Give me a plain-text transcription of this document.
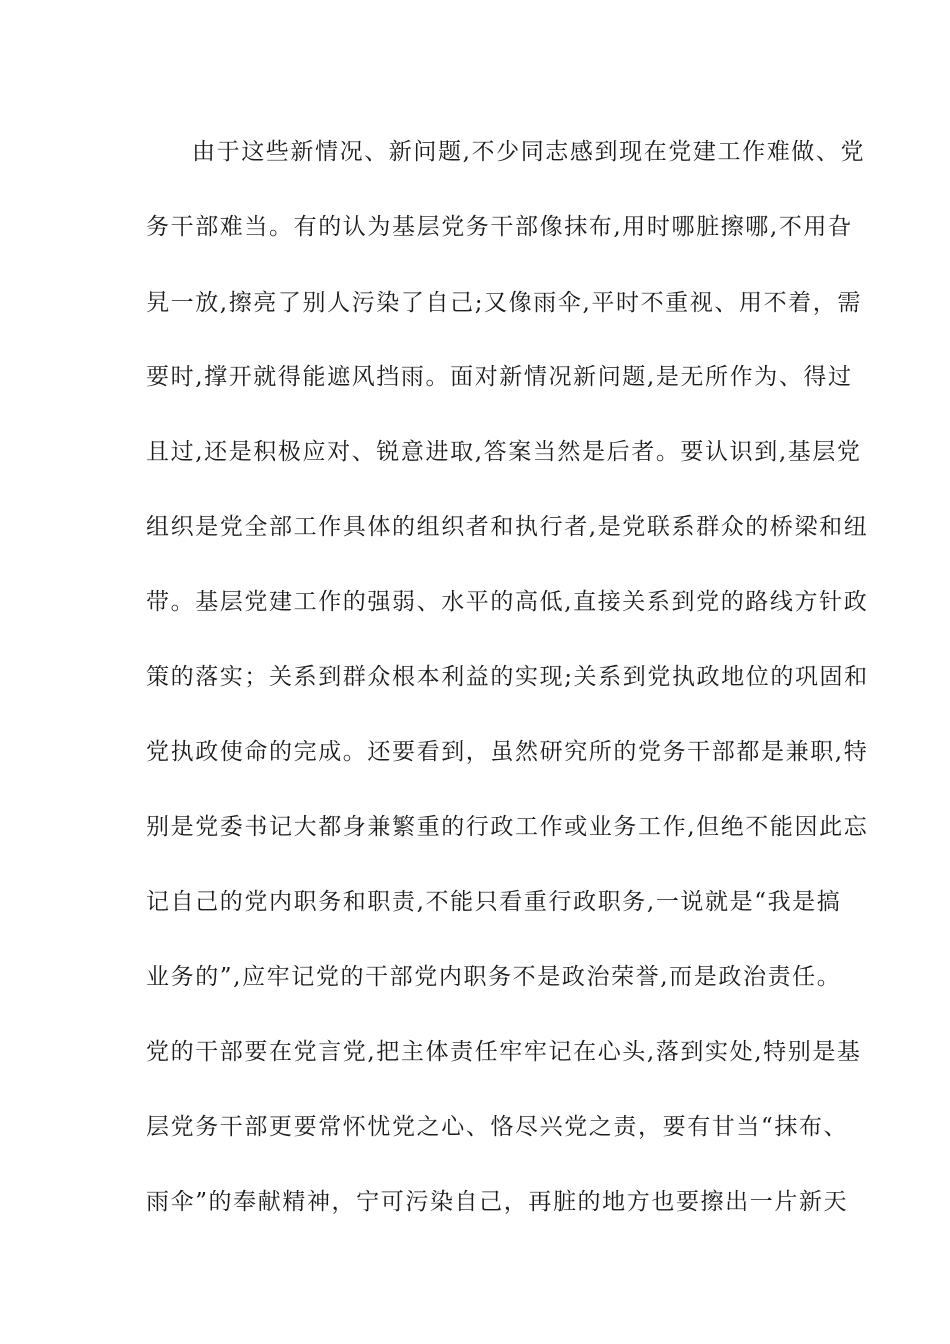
由于这些新情况、新问题,不少同志感到现在党建工作难做、党
务干部难当。有的认为基层党务干部像抹布,用时哪脏擦哪,不用旮
旯一放,擦亮了别人污染了自己;又像雨伞,平时不重视、用不着，需
要时,撑开就得能遮风挡雨。面对新情况新问题,是无所作为、得过
且过,还是积极应对、锐意进取,答案当然是后者。要认识到,基层党
组织是党全部工作具体的组织者和执行者,是党联系群众的桥梁和纽
带。基层党建工作的强弱、水平的高低,直接关系到党的路线方针政
策的落实；关系到群众根本利益的实现;关系到党执政地位的巩固和
党执政使命的完成。还要看到，虽然研究所的党务干部都是兼职,特
别是党委书记大都身兼繁重的行政工作或业务工作,但绝不能因此忘
记自己的党内职务和职责,不能只看重行政职务,一说就是“我是搞
业务的”,应牢记党的干部党内职务不是政治荣誉,而是政治责任。
党的干部要在党言党,把主体责任牢牢记在心头,落到实处,特别是基
层党务干部更要常怀忧党之心、恪尽兴党之责，要有甘当“抹布、
雨伞”的奉献精神，宁可污染自己，再脏的地方也要擦出一片新天
